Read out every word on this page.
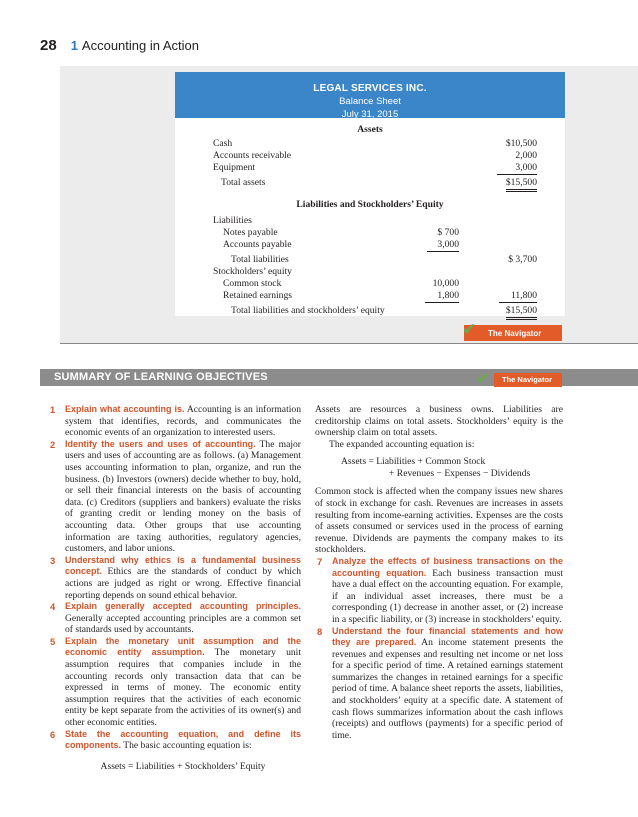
28 1 Accounting in Action
LEGAL SERVICES INC.
Balance Sheet
July 31, 2015
Assets
Cash	$10,500
Accounts receivable	2,000
Equipment	3,000
Total assets	$15,500
Liabilities and Stockholders’ Equity
Liabilities
Notes payable	$ 700
Accounts payable	3,000
Total liabilities	$ 3,700
Stockholders’ equity
Common stock	10,000
Retained earnings	1,800	11,800
Total liabilities and stockholders’ equity	$15,500
The Navigator
✔
SUMMARY OF LEARNING OBJECTIVES	The Navigator
✔
1 Explain what accounting is. Accounting is an information system that identifies, records, and communicates the economic events of an organization to interested users.
2 Identify the users and uses of accounting. The major users and uses of accounting are as follows. (a) Management uses accounting information to plan, organize, and run the business. (b) Investors (owners) decide whether to buy, hold, or sell their financial interests on the basis of accounting data. (c) Creditors (suppliers and bankers) evaluate the risks of granting credit or lending money on the basis of accounting data. Other groups that use accounting information are taxing authorities, regulatory agencies, customers, and labor unions.
3 Understand why ethics is a fundamental business concept. Ethics are the standards of conduct by which actions are judged as right or wrong. Effective financial reporting depends on sound ethical behavior.
4 Explain generally accepted accounting principles. Generally accepted accounting principles are a common set of standards used by accountants.
5 Explain the monetary unit assumption and the economic entity assumption. The monetary unit assumption requires that companies include in the accounting records only transaction data that can be expressed in terms of money. The economic entity assumption requires that the activities of each economic entity be kept separate from the activities of its owner(s) and other economic entities.
6 State the accounting equation, and define its components. The basic accounting equation is:
Assets = Liabilities + Stockholders’ Equity

Assets are resources a business owns. Liabilities are creditorship claims on total assets. Stockholders’ equity is the ownership claim on total assets.

The expanded accounting equation is:

Assets = Liabilities + Common Stock
+ Revenues − Expenses − Dividends

Common stock is affected when the company issues new shares of stock in exchange for cash. Revenues are increases in assets resulting from income-earning activities. Expenses are the costs of assets consumed or services used in the process of earning revenue. Dividends are payments the company makes to its stockholders.

7 Analyze the effects of business transactions on the accounting equation. Each business transaction must have a dual effect on the accounting equation. For example, if an individual asset increases, there must be a corresponding (1) decrease in another asset, or (2) increase in a specific liability, or (3) increase in stockholders’ equity.
8 Understand the four financial statements and how they are prepared. An income statement presents the revenues and expenses and resulting net income or net loss for a specific period of time. A retained earnings statement summarizes the changes in retained earnings for a specific period of time. A balance sheet reports the assets, liabilities, and stockholders’ equity at a specific date. A statement of cash flows summarizes information about the cash inflows (receipts) and outflows (payments) for a specific period of time.
